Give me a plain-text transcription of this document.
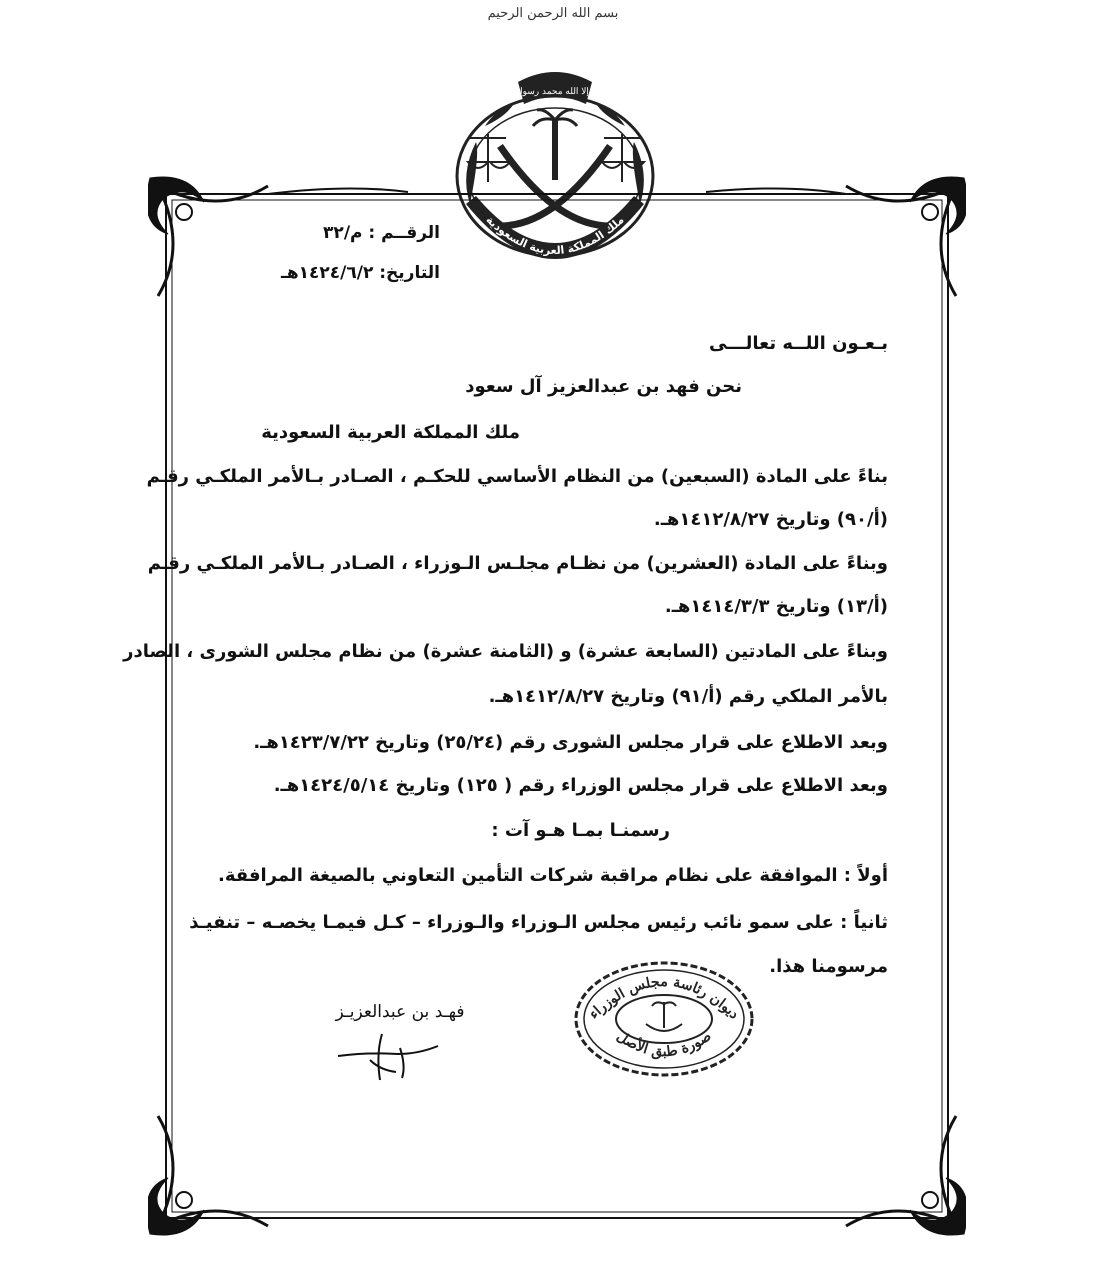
بسم الله الرحمن الرحيم
لا إله إلا الله محمد رسول الله
ملك المملكة العربية السعودية
الرقــم : م/٣٢
التاريخ: ١٤٢٤/٦/٢هـ
بـعـون اللــه تعالـــى
نحن فهد بن عبدالعزيز آل سعود
ملك المملكة العربية السعودية
بناءً على المادة (السبعين) من النظام الأساسي للحكـم ، الصـادر بـالأمر الملكـي رقـم
(أ/٩٠) وتاريخ ١٤١٢/٨/٢٧هـ.
وبناءً على المادة (العشرين) من نظـام مجلـس الـوزراء ، الصـادر بـالأمر الملكـي رقـم
(أ/١٣) وتاريخ ١٤١٤/٣/٣هـ.
وبناءً على المادتين (السابعة عشرة) و (الثامنة عشرة) من نظام مجلس الشورى ، الصادر
بالأمر الملكي رقم (أ/٩١) وتاريخ ١٤١٢/٨/٢٧هـ.
وبعد الاطلاع على قرار مجلس الشورى رقم (٢٥/٢٤) وتاريخ ١٤٢٣/٧/٢٢هـ.
وبعد الاطلاع على قرار مجلس الوزراء رقم ( ١٢٥) وتاريخ ١٤٢٤/٥/١٤هـ.
رسمنـا بمـا هـو آت :
أولاً : الموافقة على نظام مراقبة شركات التأمين التعاوني بالصيغة المرافقة.
ثانياً : على سمو نائب رئيس مجلس الـوزراء والـوزراء – كـل فيمـا يخصـه – تنفيـذ
مرسومنا هذا.
فهـد بن عبدالعزيـز	ديوان رئاسة مجلس الوزراء
صورة طبق الأصل
